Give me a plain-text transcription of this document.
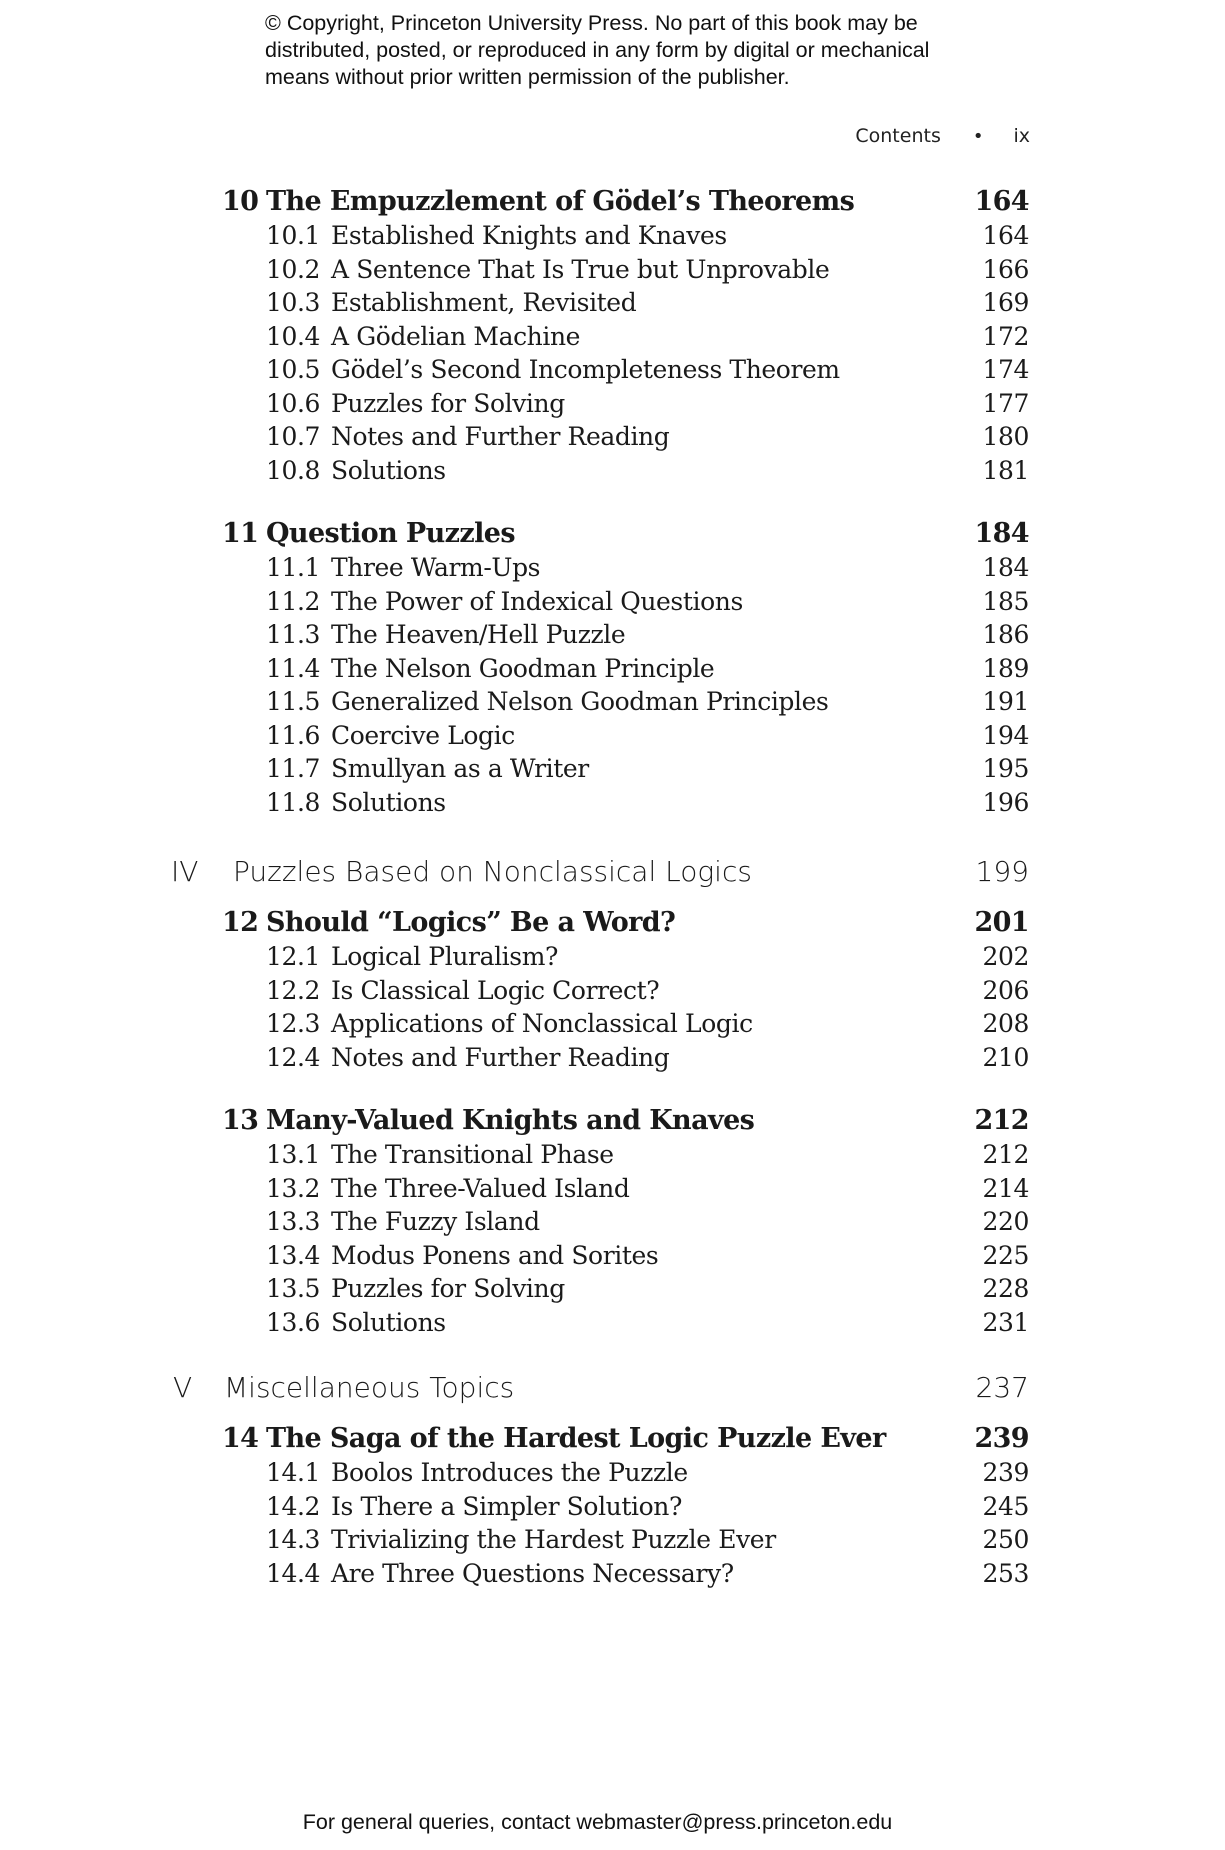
© Copyright, Princeton University Press. No part of this book may be
distributed, posted, or reproduced in any form by digital or mechanical
means without prior written permission of the publisher.
Contents • ix
10 The Empuzzlement of Gödel’s Theorems	164
10.1 Established Knights and Knaves	164
10.2 A Sentence That Is True but Unprovable	166
10.3 Establishment, Revisited	169
10.4 A Gödelian Machine	172
10.5 Gödel’s Second Incompleteness Theorem	174
10.6 Puzzles for Solving	177
10.7 Notes and Further Reading	180
10.8 Solutions	181
11 Question Puzzles	184
11.1 Three Warm-Ups	184
11.2 The Power of Indexical Questions	185
11.3 The Heaven/Hell Puzzle	186
11.4 The Nelson Goodman Principle	189
11.5 Generalized Nelson Goodman Principles	191
11.6 Coercive Logic	194
11.7 Smullyan as a Writer	195
11.8 Solutions	196
IV Puzzles Based on Nonclassical Logics	199
12 Should “Logics” Be a Word?	201
12.1 Logical Pluralism?	202
12.2 Is Classical Logic Correct?	206
12.3 Applications of Nonclassical Logic	208
12.4 Notes and Further Reading	210
13 Many-Valued Knights and Knaves	212
13.1 The Transitional Phase	212
13.2 The Three-Valued Island	214
13.3 The Fuzzy Island	220
13.4 Modus Ponens and Sorites	225
13.5 Puzzles for Solving	228
13.6 Solutions	231
V Miscellaneous Topics	237
14 The Saga of the Hardest Logic Puzzle Ever	239
14.1 Boolos Introduces the Puzzle	239
14.2 Is There a Simpler Solution?	245
14.3 Trivializing the Hardest Puzzle Ever	250
14.4 Are Three Questions Necessary?	253
For general queries, contact webmaster@press.princeton.edu
